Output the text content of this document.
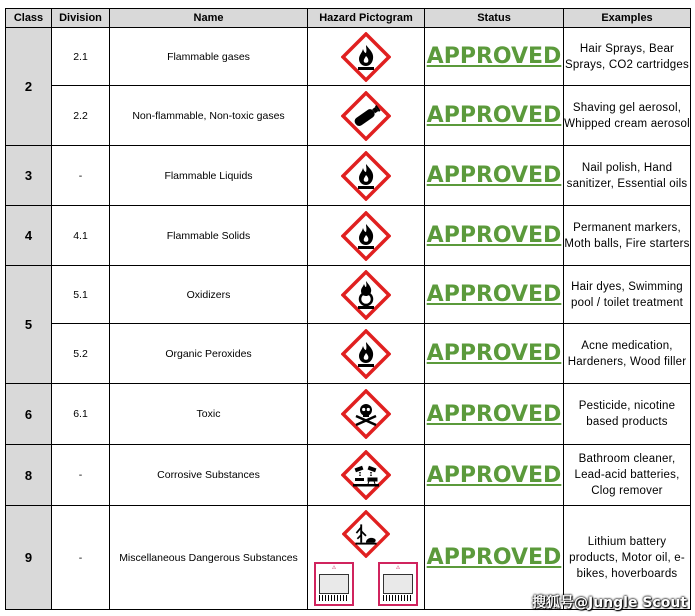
Class	Division	Name	Hazard Pictogram	Status	Examples
2	2.1	Flammable gases		APPROVED	Hair Sprays, Bear Sprays, CO2 cartridges
	2.2	Non-flammable, Non-toxic gases		APPROVED	Shaving gel aerosol, Whipped cream aerosol
3	-	Flammable Liquids		APPROVED	Nail polish, Hand sanitizer, Essential oils
4	4.1	Flammable Solids		APPROVED	Permanent markers, Moth balls, Fire starters
5	5.1	Oxidizers		APPROVED	Hair dyes, Swimming pool / toilet treatment
	5.2	Organic Peroxides		APPROVED	Acne medication, Hardeners, Wood filler
6	6.1	Toxic		APPROVED	Pesticide, nicotine based products
8	-	Corrosive Substances		APPROVED	Bathroom cleaner, Lead-acid batteries, Clog remover
9	-	Miscellaneous Dangerous Substances	⚠ ⚠	APPROVED	Lithium battery products, Motor oil, e-bikes, hoverboards
搜狐号@Jungle Scout
